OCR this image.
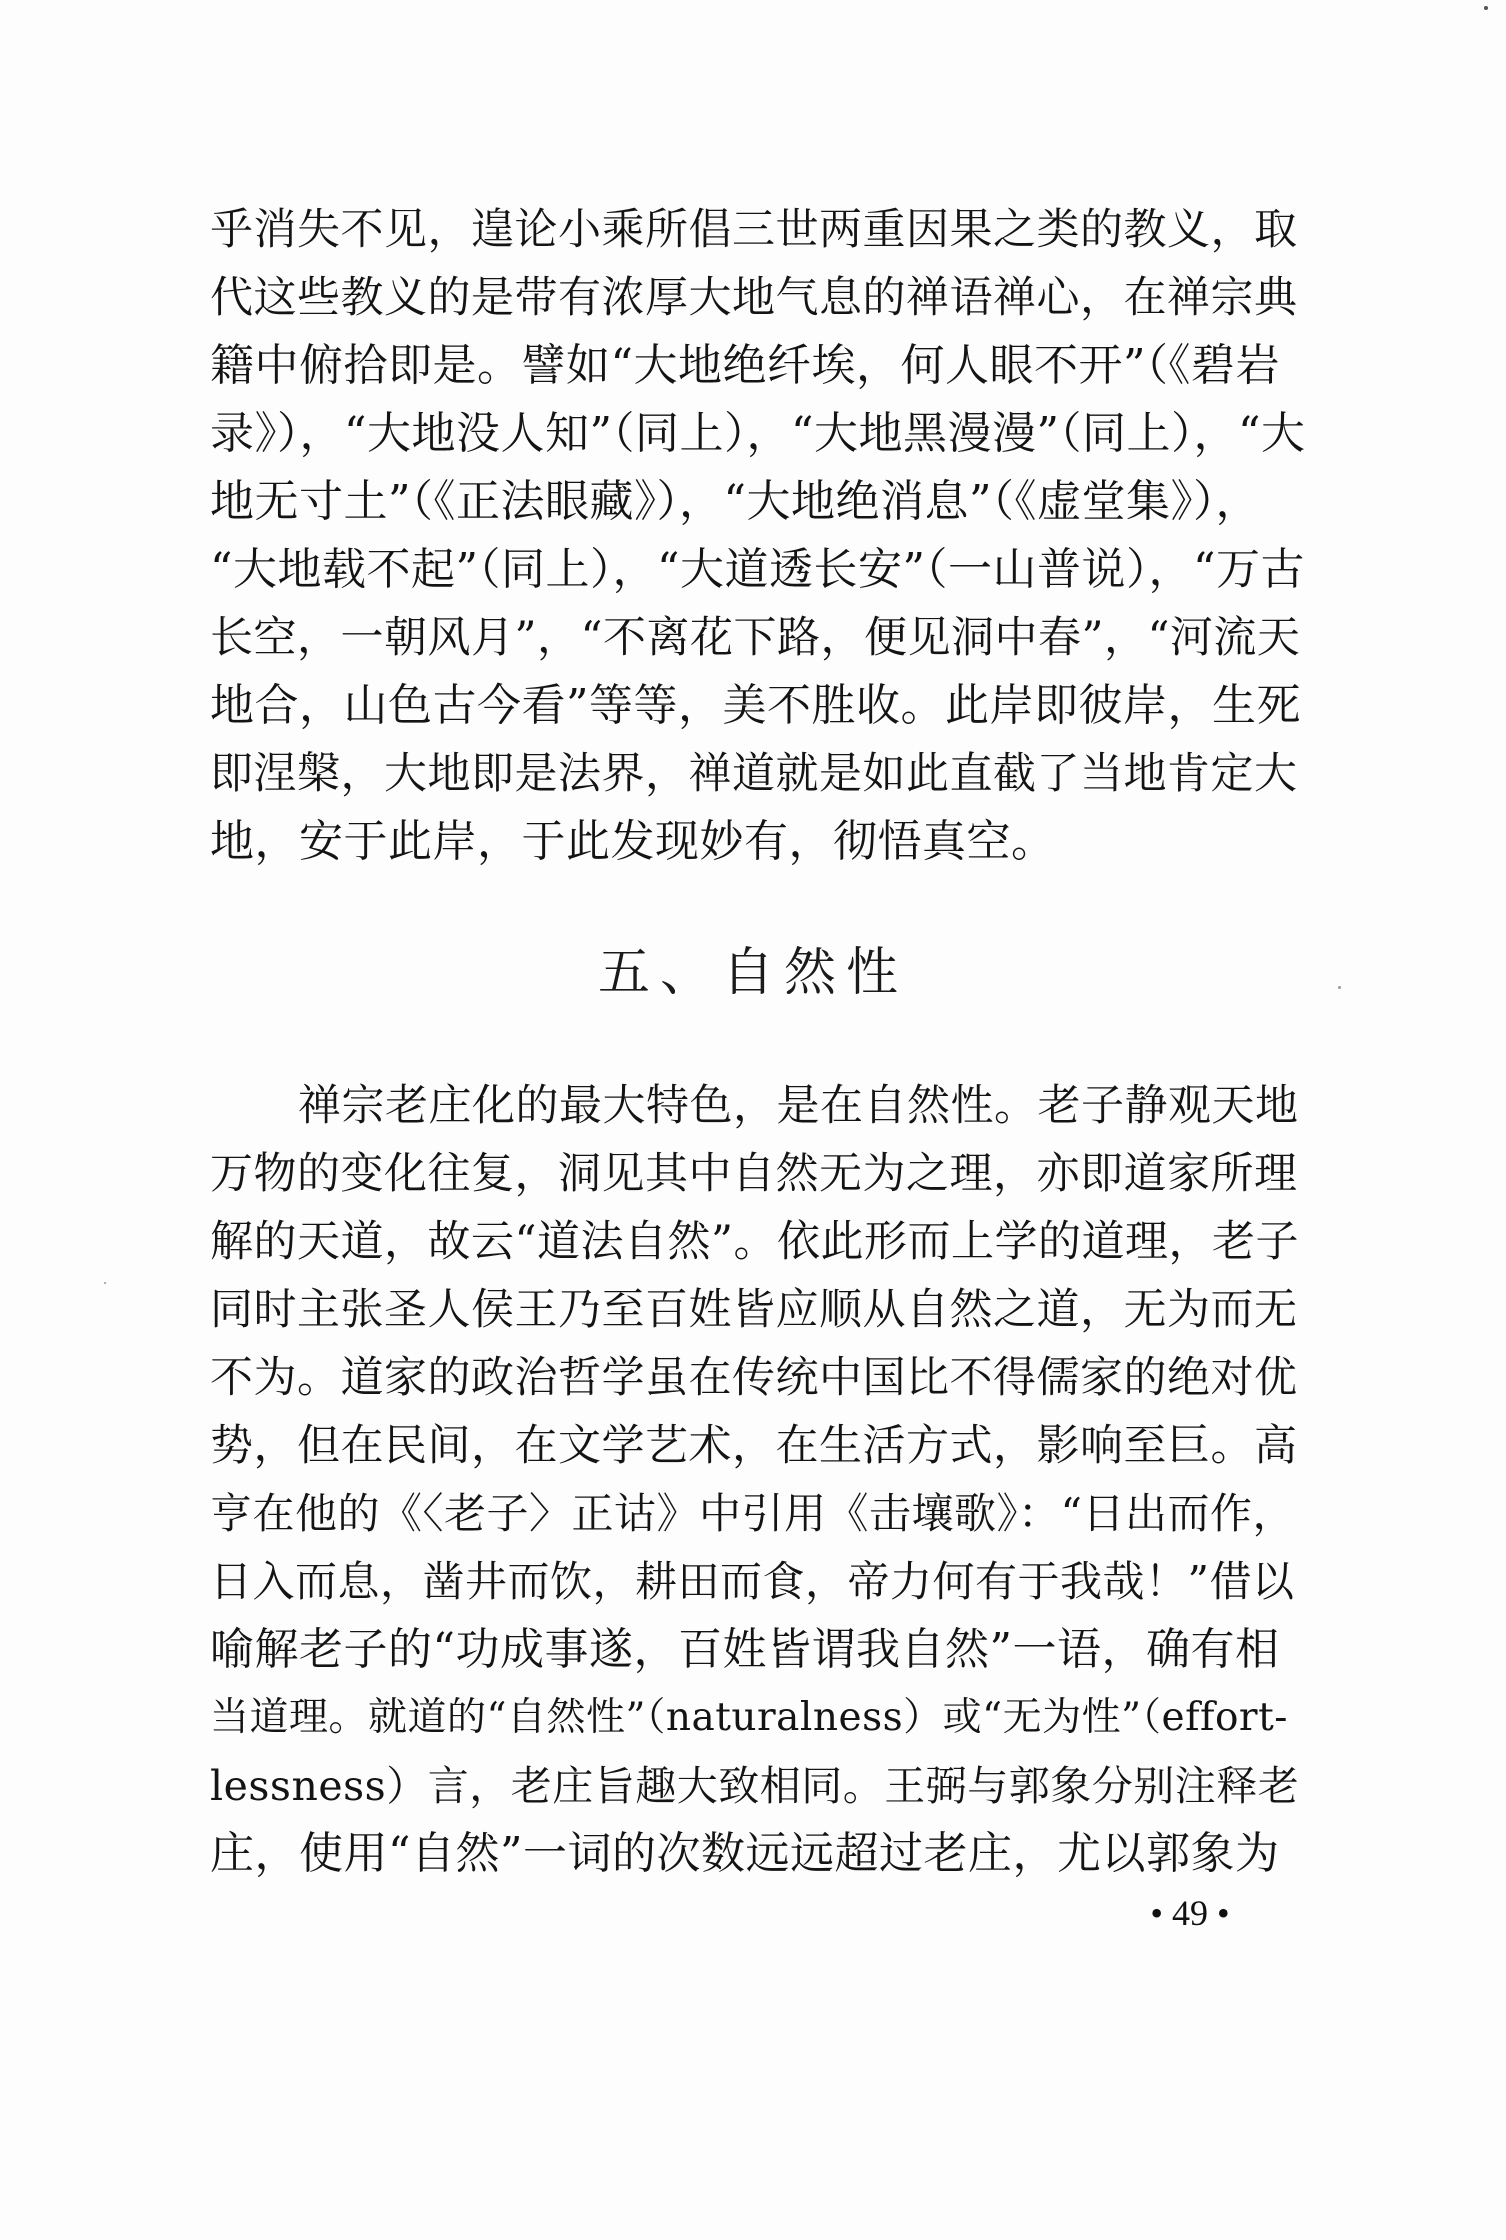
乎消失不见，遑论小乘所倡三世两重因果之类的教义，取
代这些教义的是带有浓厚大地气息的禅语禅心，在禅宗典
籍中俯拾即是。譬如“大地绝纤埃，何人眼不开”（《碧岩
录》），“大地没人知”（同上），“大地黑漫漫”（同上），“大
地无寸土”（《正法眼藏》），“大地绝消息”（《虚堂集》），
“大地载不起”（同上），“大道透长安”（一山普说），“万古
长空，一朝风月”，“不离花下路，便见洞中春”，“河流天
地合，山色古今看”等等，美不胜收。此岸即彼岸，生死
即涅槃，大地即是法界，禅道就是如此直截了当地肯定大
地，安于此岸，于此发现妙有，彻悟真空。
五、自然性
禅宗老庄化的最大特色，是在自然性。老子静观天地
万物的变化往复，洞见其中自然无为之理，亦即道家所理
解的天道，故云“道法自然”。依此形而上学的道理，老子
同时主张圣人侯王乃至百姓皆应顺从自然之道，无为而无
不为。道家的政治哲学虽在传统中国比不得儒家的绝对优
势，但在民间，在文学艺术，在生活方式，影响至巨。高
亨在他的《〈老子〉正诂》中引用《击壤歌》：“日出而作，
日入而息，凿井而饮，耕田而食，帝力何有于我哉！”借以
喻解老子的“功成事遂，百姓皆谓我自然”一语，确有相
当道理。就道的“自然性”（naturalness）或“无为性”（effort-
lessness）言，老庄旨趣大致相同。王弼与郭象分别注释老
庄，使用“自然”一词的次数远远超过老庄，尤以郭象为
• 49 •
